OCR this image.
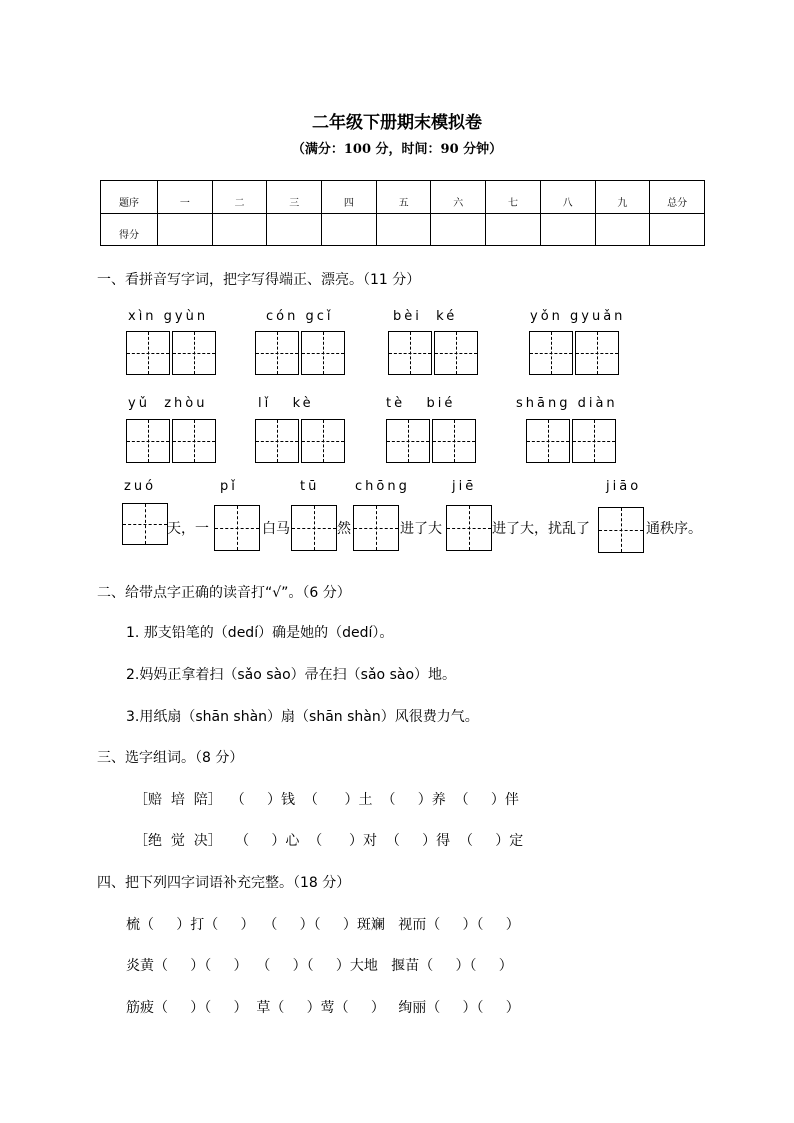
二年级下册期末模拟卷
（满分：100 分，时间：90 分钟）
题序	一	二	三	四	五	六	七	八	九	总分
得分										
一、看拼音写字词，把字写得端正、漂亮。（11 分）
xìn gyùn	cón gcǐ	bèi  ké	yǒn gyuǎn
yǔ  zhòu	lǐ   kè	tè   bié	shāng diàn
zuó	pǐ	tū	chōng	jiē	jiāo
天，一	白马	然	进了大	进了大，扰乱了	通秩序。
二、给带点字正确的读音打“√”。（6 分）
1. 那支铅笔的（dedí）确是她的（dedí）。
2.妈妈正拿着扫（sǎo sào）帚在扫（sǎo sào）地。
3.用纸扇（shān shàn）扇（shān shàn）风很费力气。
三、选字组词。（8 分）
［赔  培  陪］  （     ）钱  （      ）土  （     ）养  （     ）伴
［绝  觉  决］   （     ）心  （      ）对  （     ）得  （     ）定
四、把下列四字词语补充完整。（18 分）
梳（     ）打（     ）  （     ）（     ）斑斓   视而（     ）（     ）
炎黄（     ）（     ）  （     ）（     ）大地   揠苗（     ）（     ）
筋疲（     ）（     ）  草（     ）莺（     ）   绚丽（     ）（     ）
